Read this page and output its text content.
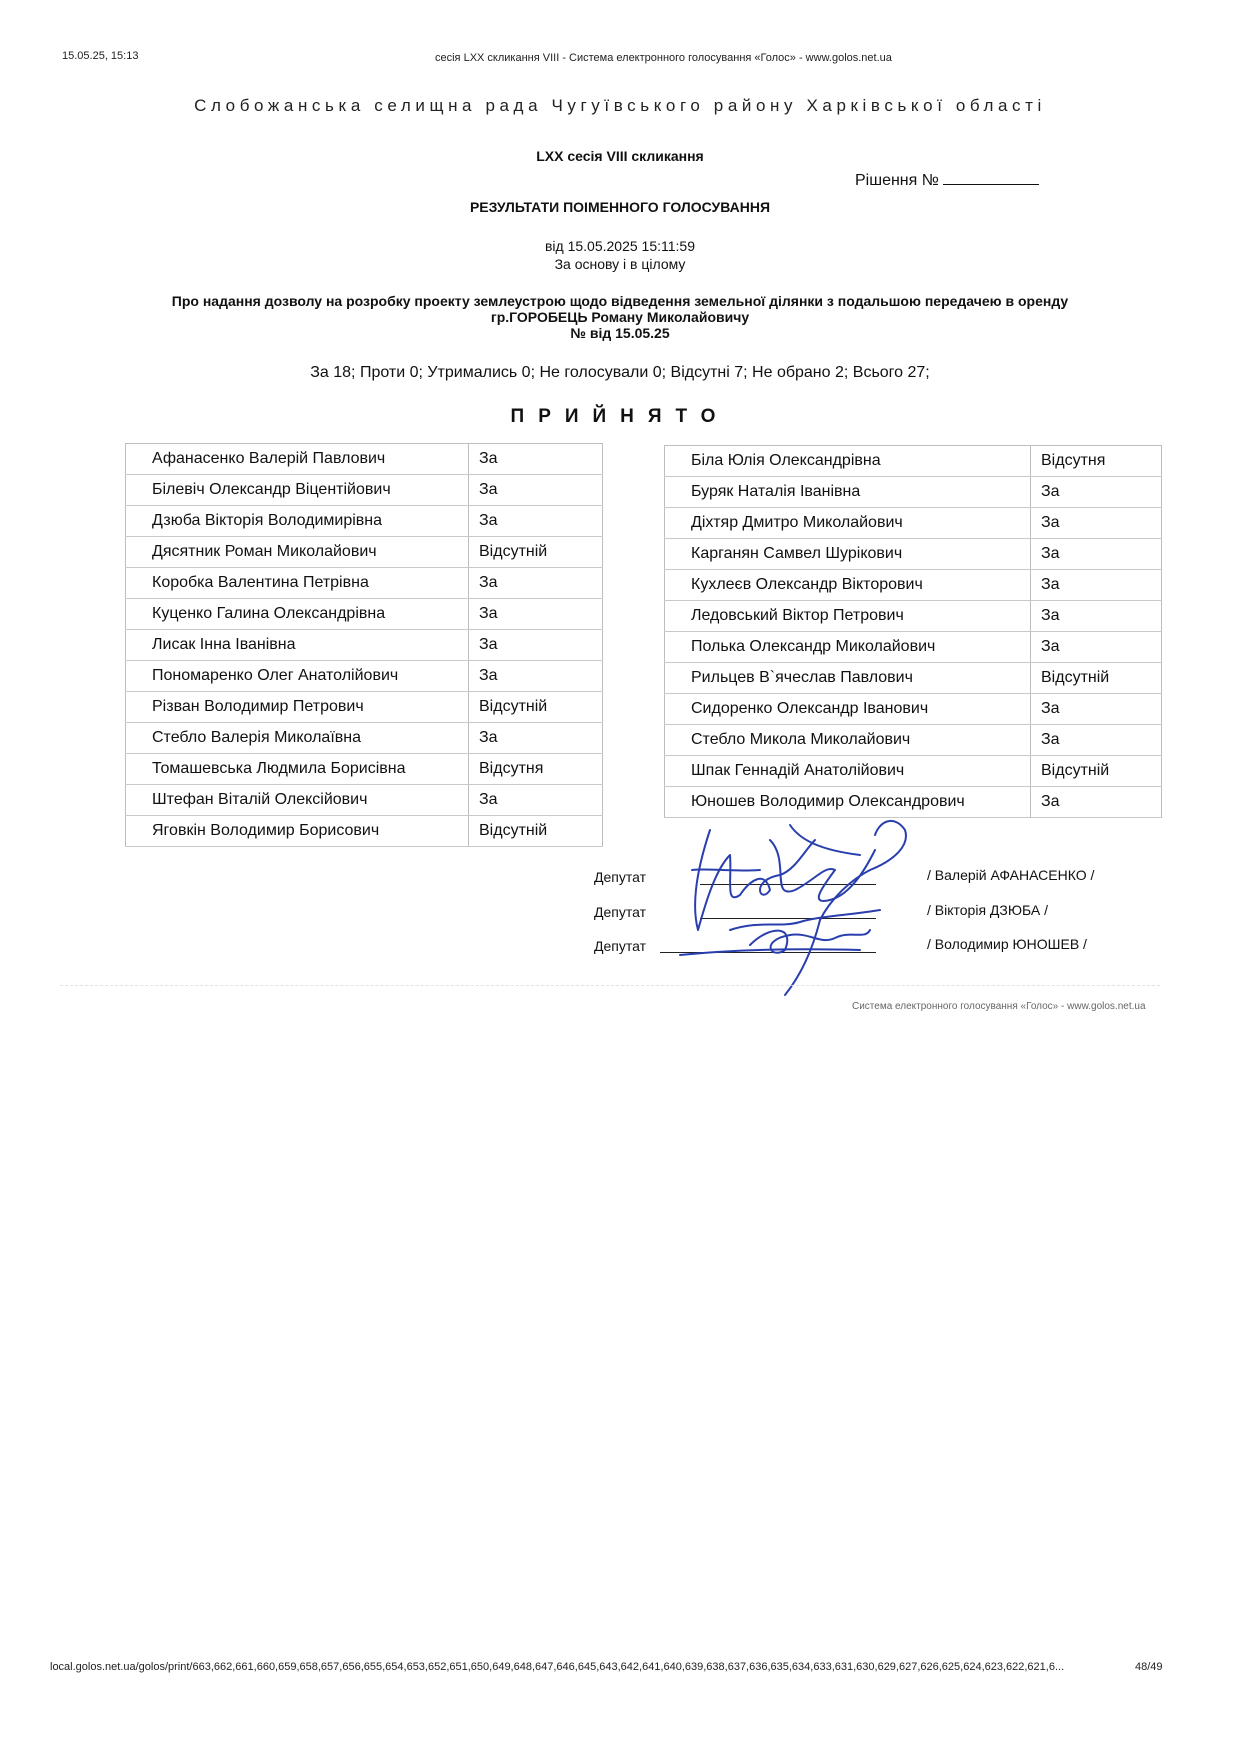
15.05.25, 15:13	сесія LXX скликання VIII - Система електронного голосування «Голос» - www.golos.net.ua
Слобожанська селищна рада Чугуївського району Харківської області
LXX сесія VIII скликання
Рішення №
РЕЗУЛЬТАТИ ПОІМЕННОГО ГОЛОСУВАННЯ
від 15.05.2025 15:11:59
За основу і в цілому
Про надання дозволу на розробку проекту землеустрою щодо відведення земельної ділянки з подальшою передачею в оренду
гр.ГОРОБЕЦЬ Роману Миколайовичу
№ від 15.05.25
За 18; Проти 0; Утримались 0; Не голосували 0; Відсутні 7; Не обрано 2; Всього 27;
ПРИЙНЯТО
Афанасенко Валерій Павлович	За
Білевіч Олександр Віцентійович	За
Дзюба Вікторія Володимирівна	За
Дясятник Роман Миколайович	Відсутній
Коробка Валентина Петрівна	За
Куценко Галина Олександрівна	За
Лисак Інна Іванівна	За
Пономаренко Олег Анатолійович	За
Різван Володимир Петрович	Відсутній
Стебло Валерія Миколаївна	За
Томашевська Людмила Борисівна	Відсутня
Штефан Віталій Олексійович	За
Яговкін Володимир Борисович	Відсутній
Біла Юлія Олександрівна	Відсутня
Буряк Наталія Іванівна	За
Діхтяр Дмитро Миколайович	За
Карганян Самвел Шурікович	За
Кухлеєв Олександр Вікторович	За
Ледовський Віктор Петрович	За
Полька Олександр Миколайович	За
Рильцев В`ячеслав Павлович	Відсутній
Сидоренко Олександр Іванович	За
Стебло Микола Миколайович	За
Шпак Геннадій Анатолійович	Відсутній
Юношев Володимир Олександрович	За
Депутат	/ Валерій АФАНАСЕНКО /
Депутат	/ Вікторія ДЗЮБА /
Депутат	/ Володимир ЮНОШЕВ /
Система електронного голосування «Голос» - www.golos.net.ua
local.golos.net.ua/golos/print/663,662,661,660,659,658,657,656,655,654,653,652,651,650,649,648,647,646,645,643,642,641,640,639,638,637,636,635,634,633,631,630,629,627,626,625,624,623,622,621,6...	48/49
